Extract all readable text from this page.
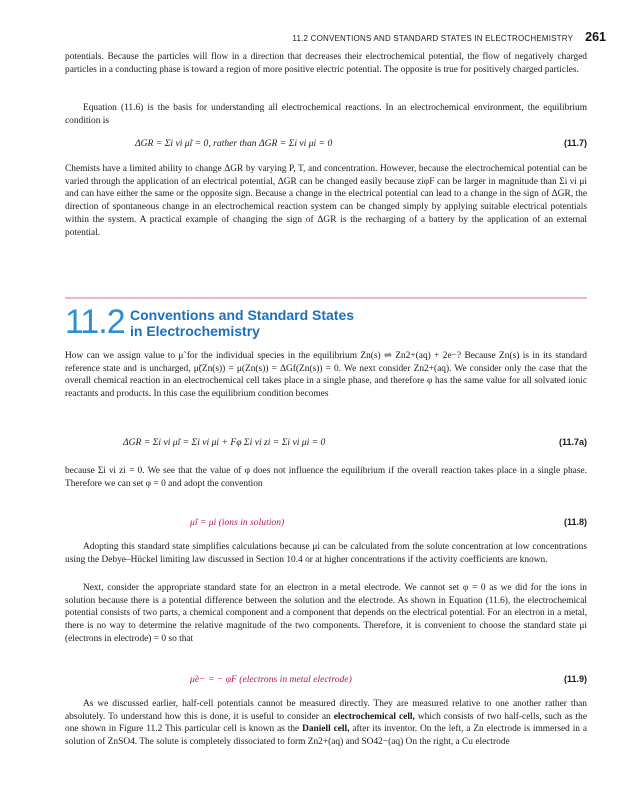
11.2 CONVENTIONS AND STANDARD STATES IN ELECTROCHEMISTRY 261

potentials. Because the particles will flow in a direction that decreases their electrochemical potential, the flow of negatively charged particles in a conducting phase is toward a region of more positive electric potential. The opposite is true for positively charged particles.

Equation (11.6) is the basis for understanding all electrochemical reactions. In an electrochemical environment, the equilibrium condition is

ΔGR = Σi νi μ̃i = 0, rather than ΔGR = Σi νi μi = 0	(11.7)

Chemists have a limited ability to change ΔGR by varying P, T, and concentration. However, because the electrochemical potential can be varied through the application of an electrical potential, ΔGR can be changed easily because ziφF can be larger in magnitude than Σi νi μi and can have either the same or the opposite sign. Because a change in the electrical potential can lead to a change in the sign of ΔGR, the direction of spontaneous change in an electrochemical reaction system can be changed simply by applying suitable electrical potentials within the system. A practical example of changing the sign of ΔGR is the recharging of a battery by the application of an external potential.

11.2 Conventions and Standard States
in Electrochemistry

How can we assign value to μ̃ for the individual species in the equilibrium Zn(s) ⇌ Zn2+(aq) + 2e−? Because Zn(s) is in its standard reference state and is uncharged, μ̃(Zn(s)) = μ(Zn(s)) = ΔGf(Zn(s)) = 0. We next consider Zn2+(aq). We consider only the case that the overall chemical reaction in an electrochemical cell takes place in a single phase, and therefore φ has the same value for all solvated ionic reactants and products. In this case the equilibrium condition becomes

ΔGR = Σi νi μ̃i = Σi νi μi + Fφ Σi νi zi = Σi νi μi = 0	(11.7a)

because Σi νi zi = 0. We see that the value of φ does not influence the equilibrium if the overall reaction takes place in a single phase. Therefore we can set φ = 0 and adopt the convention

μ̃i = μi (ions in solution)	(11.8)

Adopting this standard state simplifies calculations because μi can be calculated from the solute concentration at low concentrations using the Debye–Hückel limiting law discussed in Section 10.4 or at higher concentrations if the activity coefficients are known.

Next, consider the appropriate standard state for an electron in a metal electrode. We cannot set φ = 0 as we did for the ions in solution because there is a potential difference between the solution and the electrode. As shown in Equation (11.6), the electrochemical potential consists of two parts, a chemical component and a component that depends on the electrical potential. For an electron in a metal, there is no way to determine the relative magnitude of the two components. Therefore, it is convenient to choose the standard state μi (electrons in electrode) = 0 so that

μ̃e− = − φF (electrons in metal electrode)	(11.9)

As we discussed earlier, half-cell potentials cannot be measured directly. They are measured relative to one another rather than absolutely. To understand how this is done, it is useful to consider an electrochemical cell, which consists of two half-cells, such as the one shown in Figure 11.2 This particular cell is known as the Daniell cell, after its inventor. On the left, a Zn electrode is immersed in a solution of ZnSO4. The solute is completely dissociated to form Zn2+(aq) and SO42−(aq) On the right, a Cu electrode
